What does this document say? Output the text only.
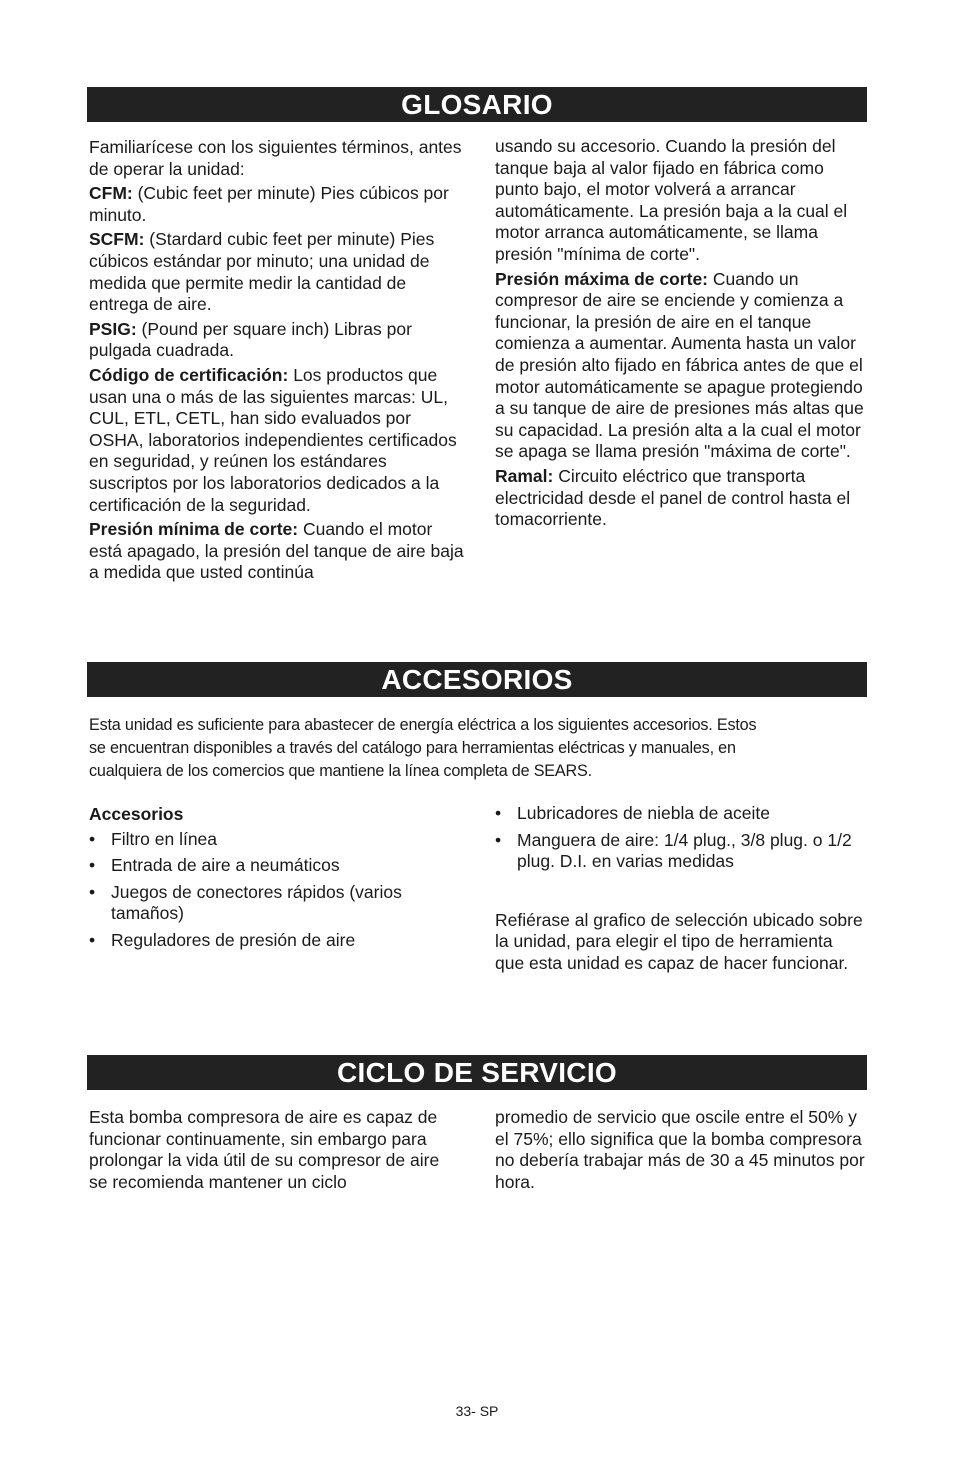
GLOSARIO

Familiarícese con los siguientes términos, antes de operar la unidad:

CFM: (Cubic feet per minute) Pies cúbicos por minuto.

SCFM: (Stardard cubic feet per minute) Pies cúbicos estándar por minuto; una unidad de medida que permite medir la cantidad de entrega de aire.

PSIG: (Pound per square inch) Libras por pulgada cuadrada.

Código de certificación: Los productos que usan una o más de las siguientes marcas: UL, CUL, ETL, CETL, han sido evaluados por OSHA, laboratorios independientes certificados en seguridad, y reúnen los estándares suscriptos por los laboratorios dedicados a la certificación de la seguridad.

Presión mínima de corte: Cuando el motor está apagado, la presión del tanque de aire baja a medida que usted continúa

usando su accesorio. Cuando la presión del tanque baja al valor fijado en fábrica como punto bajo, el motor volverá a arrancar automáticamente. La presión baja a la cual el motor arranca automáticamente, se llama presión "mínima de corte".

Presión máxima de corte: Cuando un compresor de aire se enciende y comienza a funcionar, la presión de aire en el tanque comienza a aumentar. Aumenta hasta un valor de presión alto fijado en fábrica antes de que el motor automáticamente se apague protegiendo a su tanque de aire de presiones más altas que su capacidad. La presión alta a la cual el motor se apaga se llama presión "máxima de corte".

Ramal: Circuito eléctrico que transporta electricidad desde el panel de control hasta el tomacorriente.

ACCESORIOS

Esta unidad es suficiente para abastecer de energía eléctrica a los siguientes accesorios. Estos

se encuentran disponibles a través del catálogo para herramientas eléctricas y manuales, en

cualquiera de los comercios que mantiene la línea completa de SEARS.

Accesorios

• Filtro en línea
• Entrada de aire a neumáticos
• Juegos de conectores rápidos (varios tamaños)
• Reguladores de presión de aire
• Lubricadores de niebla de aceite
• Manguera de aire: 1/4 plug., 3/8 plug. o 1/2 plug. D.I. en varias medidas

Refiérase al grafico de selección ubicado sobre la unidad, para elegir el tipo de herramienta que esta unidad es capaz de hacer funcionar.

CICLO DE SERVICIO

Esta bomba compresora de aire es capaz de funcionar continuamente, sin embargo para prolongar la vida útil de su compresor de aire se recomienda mantener un ciclo

promedio de servicio que oscile entre el 50% y el 75%; ello significa que la bomba compresora no debería trabajar más de 30 a 45 minutos por hora.

33- SP
